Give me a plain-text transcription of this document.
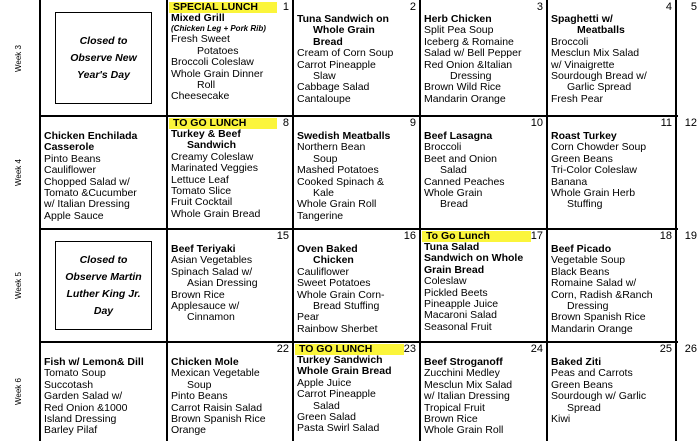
Week 3
Closed to
Observe New
Year's Day
1
SPECIAL LUNCH
Mixed Grill
(Chicken Leg + Pork Rib)
Fresh Sweet
Potatoes
Broccoli Coleslaw
Whole Grain Dinner
Roll
Cheesecake
2
Tuna Sandwich on
Whole Grain
Bread
Cream of Corn Soup
Carrot Pineapple
Slaw
Cabbage Salad
Cantaloupe
3
Herb Chicken
Split Pea Soup
Iceberg & Romaine
Salad w/ Bell Pepper
Red Onion &Italian
Dressing
Brown Wild Rice
Mandarin Orange
4
Spaghetti w/
Meatballs
Broccoli
Mesclun Mix Salad
w/ Vinaigrette
Sourdough Bread w/
Garlic Spread
Fresh Pear
5
Week 4
Chicken Enchilada
Casserole
Pinto Beans
Cauliflower
Chopped Salad w/
Tomato &Cucumber
w/ Italian Dressing
Apple Sauce
8
TO GO LUNCH
Turkey & Beef
Sandwich
Creamy Coleslaw
Marinated Veggies
Lettuce Leaf
Tomato Slice
Fruit Cocktail
Whole Grain Bread
9
Swedish Meatballs
Northern Bean
Soup
Mashed Potatoes
Cooked Spinach &
Kale
Whole Grain Roll
Tangerine
10
Beef Lasagna
Broccoli
Beet and Onion
Salad
Canned Peaches
Whole Grain
Bread
11
Roast Turkey
Corn Chowder Soup
Green Beans
Tri-Color Coleslaw
Banana
Whole Grain Herb
Stuffing
12
Week 5
Closed to
Observe Martin
Luther King Jr.
Day
15
Beef Teriyaki
Asian Vegetables
Spinach Salad w/
Asian Dressing
Brown Rice
Applesauce w/
Cinnamon
16
Oven Baked
Chicken
Cauliflower
Sweet Potatoes
Whole Grain Corn-
Bread Stuffing
Pear
Rainbow Sherbet
17
To Go Lunch
Tuna Salad
Sandwich on Whole
Grain Bread
Coleslaw
Pickled Beets
Pineapple Juice
Macaroni Salad
Seasonal Fruit
18
Beef Picado
Vegetable Soup
Black Beans
Romaine Salad w/
Corn, Radish &Ranch
Dressing
Brown Spanish Rice
Mandarin Orange
19
Week 6
Fish w/ Lemon& Dill
Tomato Soup
Succotash
Garden Salad w/
Red Onion &1000
Island Dressing
Barley Pilaf
22
Chicken Mole
Mexican Vegetable
Soup
Pinto Beans
Carrot Raisin Salad
Brown Spanish Rice
Orange
23
TO GO LUNCH
Turkey Sandwich
Whole Grain Bread
Apple Juice
Carrot Pineapple
Salad
Green Salad
Pasta Swirl Salad
24
Beef Stroganoff
Zucchini Medley
Mesclun Mix Salad
w/ Italian Dressing
Tropical Fruit
Brown Rice
Whole Grain Roll
25
Baked Ziti
Peas and Carrots
Green Beans
Sourdough w/ Garlic
Spread
Kiwi
26
